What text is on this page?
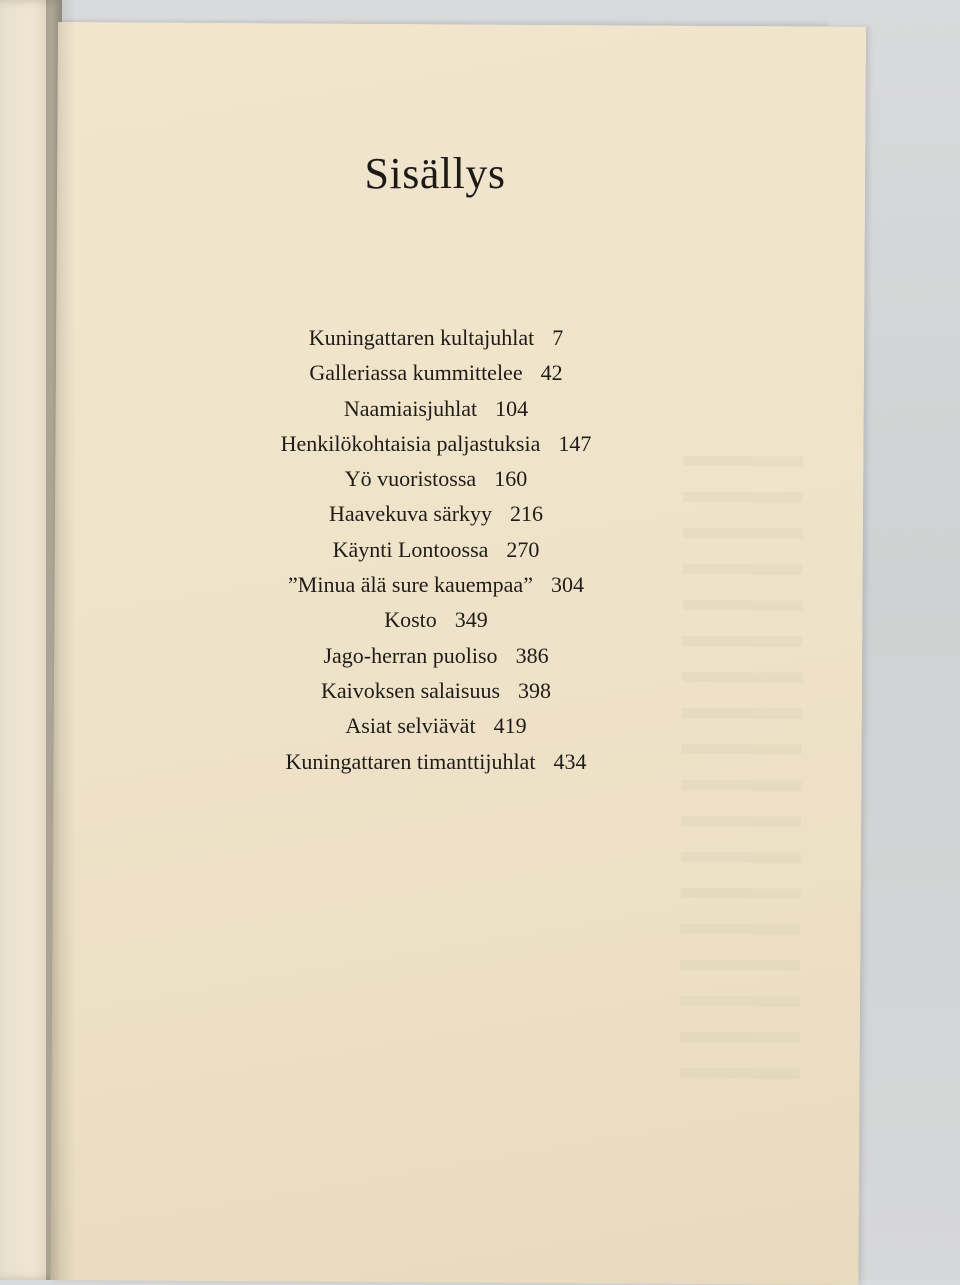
Sisällys
Kuningattaren kultajuhlat 7
Galleriassa kummittelee 42
Naamiaisjuhlat 104
Henkilökohtaisia paljastuksia 147
Yö vuoristossa 160
Haavekuva särkyy 216
Käynti Lontoossa 270
”Minua älä sure kauempaa” 304
Kosto 349
Jago-herran puoliso 386
Kaivoksen salaisuus 398
Asiat selviävät 419
Kuningattaren timanttijuhlat 434
